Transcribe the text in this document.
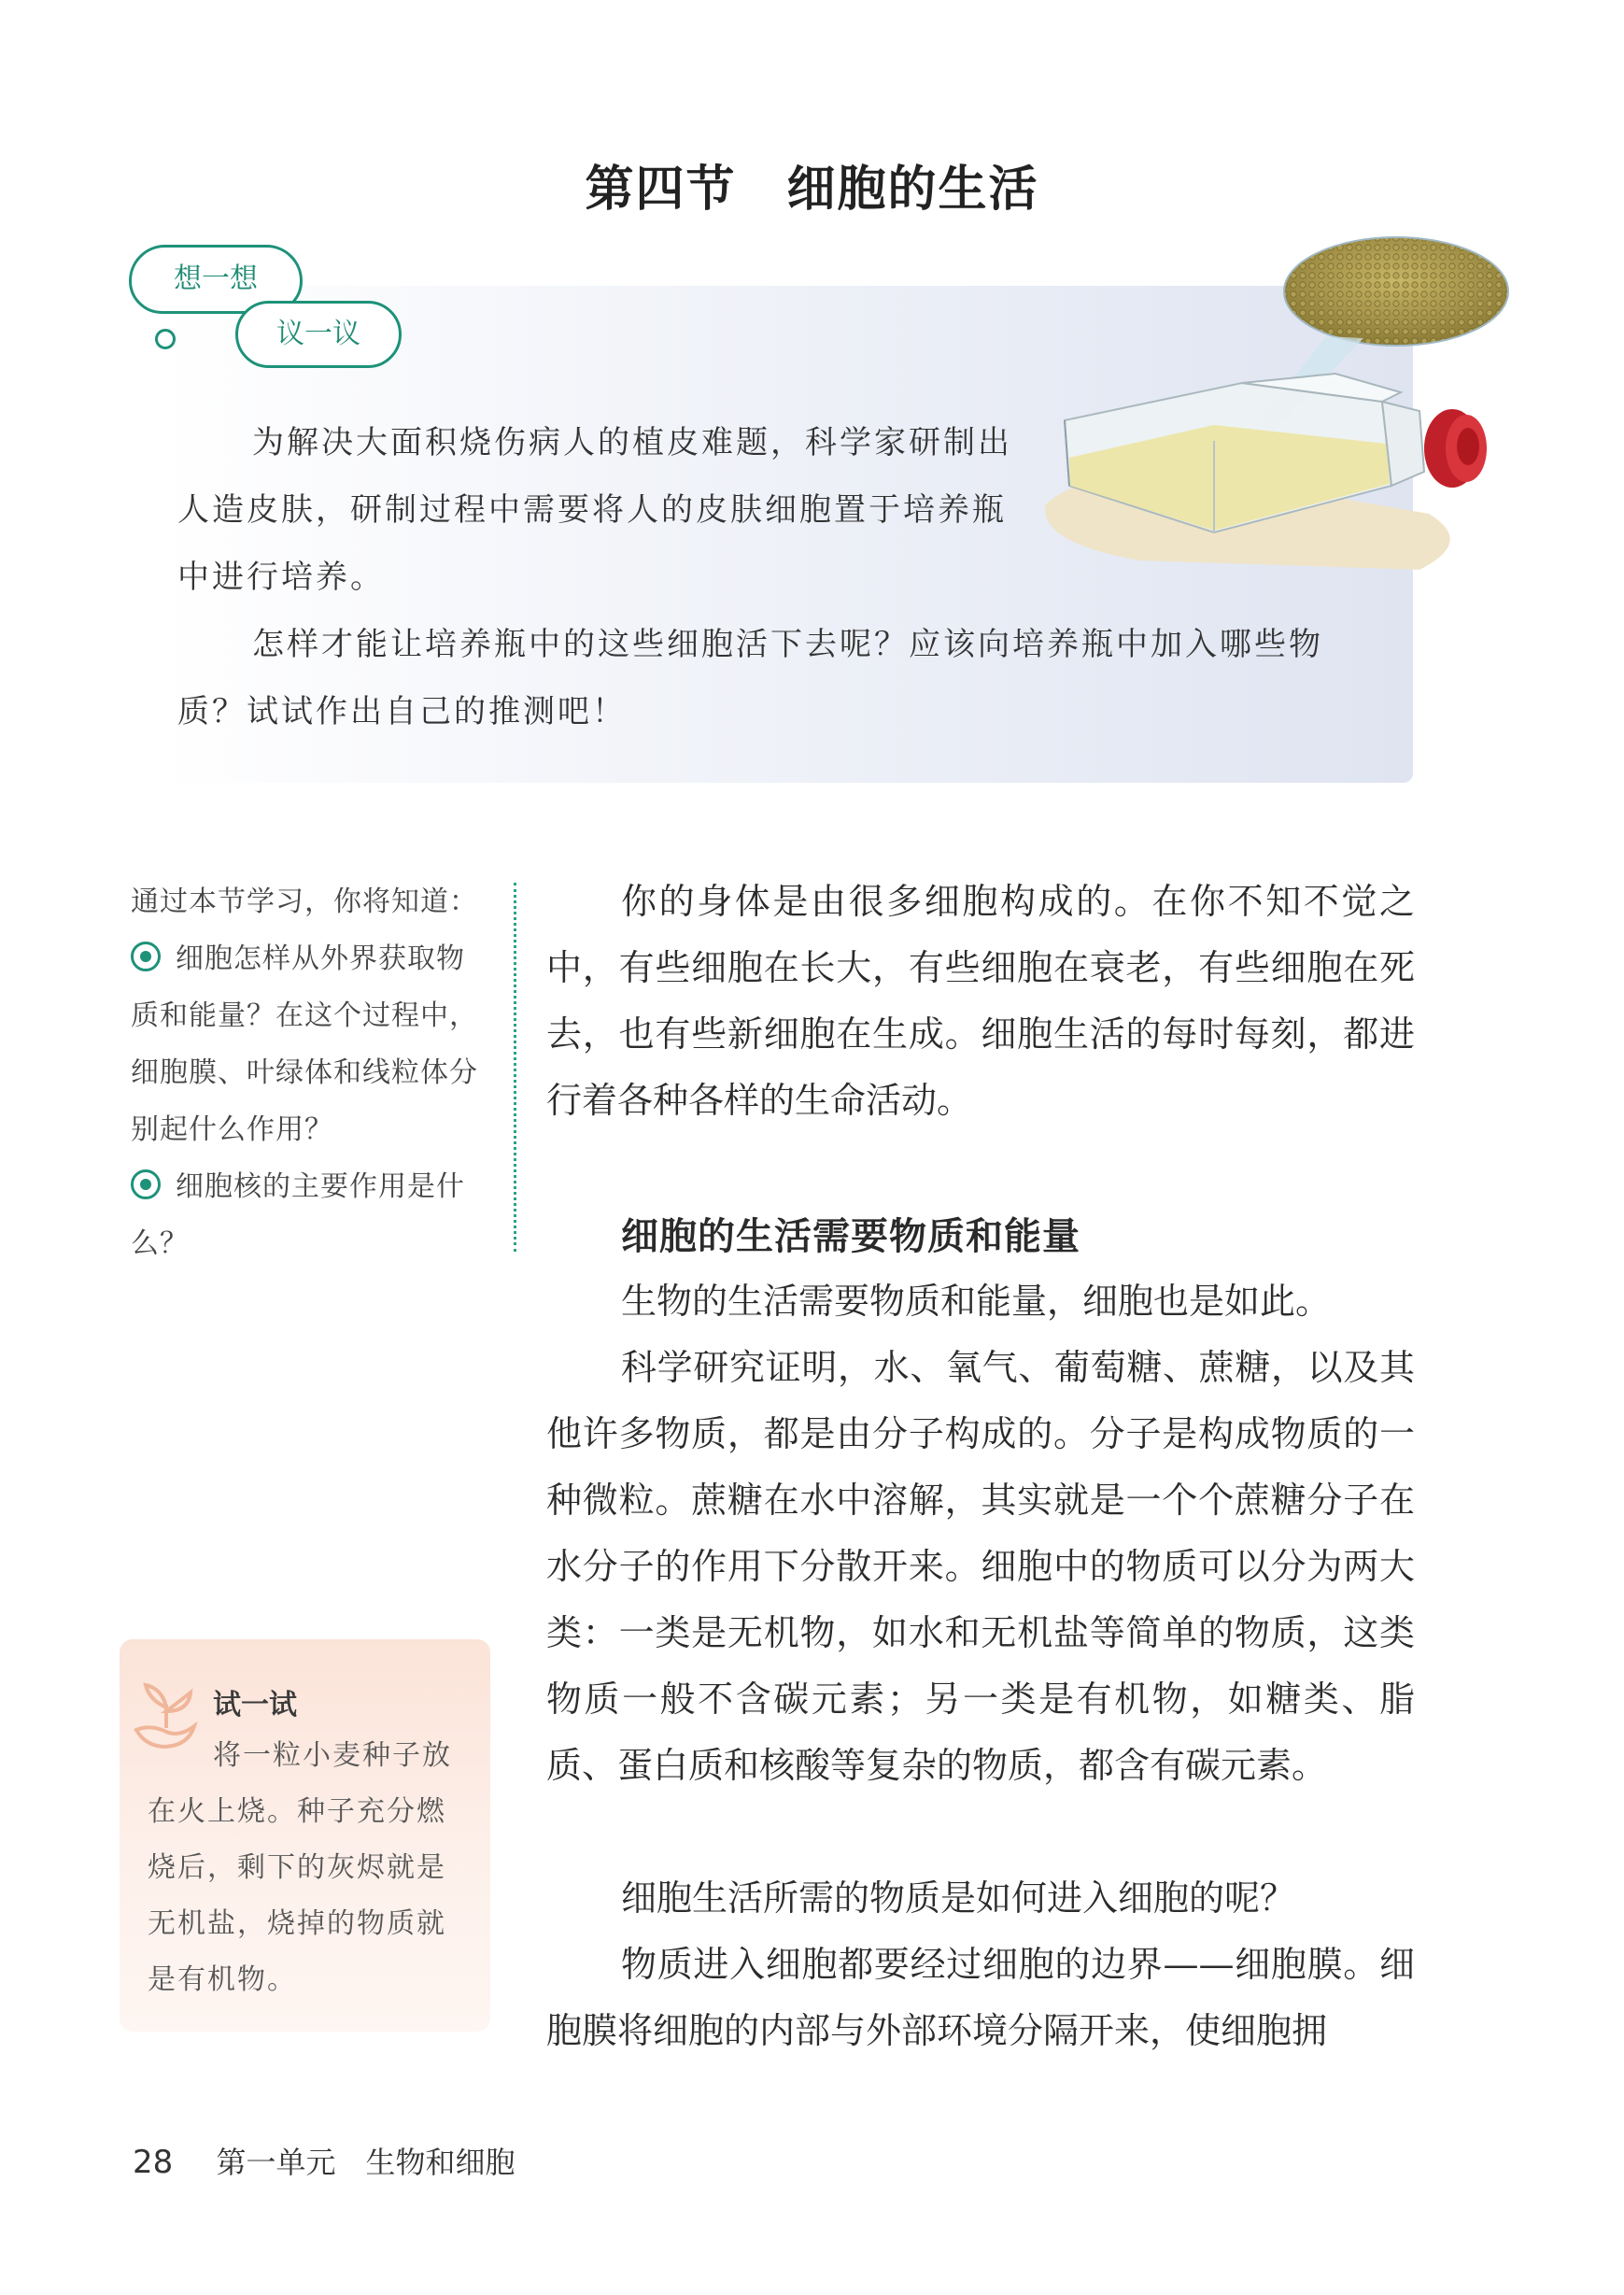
第四节　细胞的生活
想一想
议一议
为解决大面积烧伤病人的植皮难题，科学家研制出人造皮肤，研制过程中需要将人的皮肤细胞置于培养瓶中进行培养。
怎样才能让培养瓶中的这些细胞活下去呢？应该向培养瓶中加入哪些物质？试试作出自己的推测吧！
通过本节学习，你将知道：
细胞怎样从外界获取物质和能量？在这个过程中，细胞膜、叶绿体和线粒体分别起什么作用？
细胞核的主要作用是什么？
试一试
将一粒小麦种子放在火上烧。种子充分燃烧后，剩下的灰烬就是无机盐，烧掉的物质就是有机物。
你的身体是由很多细胞构成的。在你不知不觉之中，有些细胞在长大，有些细胞在衰老，有些细胞在死去，也有些新细胞在生成。细胞生活的每时每刻，都进行着各种各样的生命活动。
细胞的生活需要物质和能量
生物的生活需要物质和能量，细胞也是如此。
科学研究证明，水、氧气、葡萄糖、蔗糖，以及其他许多物质，都是由分子构成的。分子是构成物质的一种微粒。蔗糖在水中溶解，其实就是一个个蔗糖分子在水分子的作用下分散开来。细胞中的物质可以分为两大类：一类是无机物，如水和无机盐等简单的物质，这类物质一般不含碳元素；另一类是有机物，如糖类、脂质、蛋白质和核酸等复杂的物质，都含有碳元素。
细胞生活所需的物质是如何进入细胞的呢？
物质进入细胞都要经过细胞的边界——细胞膜。细胞膜将细胞的内部与外部环境分隔开来，使细胞拥
28 第一单元　生物和细胞
